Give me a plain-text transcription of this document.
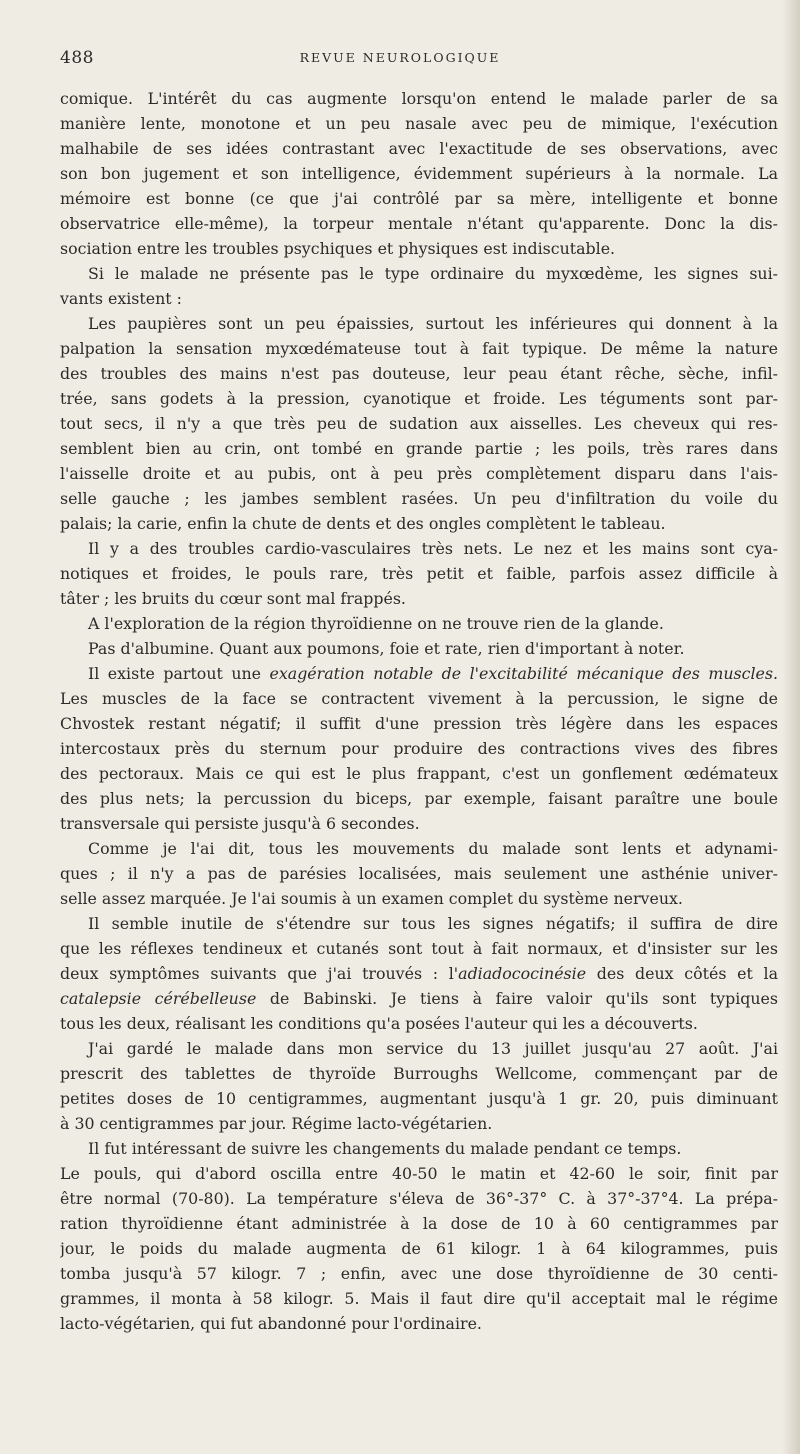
488	REVUE NEUROLOGIQUE
comique. L'intérêt du cas augmente lorsqu'on entend le malade parler de sa
manière lente, monotone et un peu nasale avec peu de mimique, l'exécution
malhabile de ses idées contrastant avec l'exactitude de ses observations, avec
son bon jugement et son intelligence, évidemment supérieurs à la normale. La
mémoire est bonne (ce que j'ai contrôlé par sa mère, intelligente et bonne
observatrice elle-même), la torpeur mentale n'étant qu'apparente. Donc la dis-
sociation entre les troubles psychiques et physiques est indiscutable.
Si le malade ne présente pas le type ordinaire du myxœdème, les signes sui-
vants existent :
Les paupières sont un peu épaissies, surtout les inférieures qui donnent à la
palpation la sensation myxœdémateuse tout à fait typique. De même la nature
des troubles des mains n'est pas douteuse, leur peau étant rêche, sèche, infil-
trée, sans godets à la pression, cyanotique et froide. Les téguments sont par-
tout secs, il n'y a que très peu de sudation aux aisselles. Les cheveux qui res-
semblent bien au crin, ont tombé en grande partie ; les poils, très rares dans
l'aisselle droite et au pubis, ont à peu près complètement disparu dans l'ais-
selle gauche ; les jambes semblent rasées. Un peu d'infiltration du voile du
palais; la carie, enfin la chute de dents et des ongles complètent le tableau.
Il y a des troubles cardio-vasculaires très nets. Le nez et les mains sont cya-
notiques et froides, le pouls rare, très petit et faible, parfois assez difficile à
tâter ; les bruits du cœur sont mal frappés.
A l'exploration de la région thyroïdienne on ne trouve rien de la glande.
Pas d'albumine. Quant aux poumons, foie et rate, rien d'important à noter.
Il existe partout une exagération notable de l'excitabilité mécanique des muscles.
Les muscles de la face se contractent vivement à la percussion, le signe de
Chvostek restant négatif; il suffit d'une pression très légère dans les espaces
intercostaux près du sternum pour produire des contractions vives des fibres
des pectoraux. Mais ce qui est le plus frappant, c'est un gonflement œdémateux
des plus nets; la percussion du biceps, par exemple, faisant paraître une boule
transversale qui persiste jusqu'à 6 secondes.
Comme je l'ai dit, tous les mouvements du malade sont lents et adynami-
ques ; il n'y a pas de parésies localisées, mais seulement une asthénie univer-
selle assez marquée. Je l'ai soumis à un examen complet du système nerveux.
Il semble inutile de s'étendre sur tous les signes négatifs; il suffira de dire
que les réflexes tendineux et cutanés sont tout à fait normaux, et d'insister sur les
deux symptômes suivants que j'ai trouvés : l'adiadococinésie des deux côtés et la
catalepsie cérébelleuse de Babinski. Je tiens à faire valoir qu'ils sont typiques
tous les deux, réalisant les conditions qu'a posées l'auteur qui les a découverts.
J'ai gardé le malade dans mon service du 13 juillet jusqu'au 27 août. J'ai
prescrit des tablettes de thyroïde Burroughs Wellcome, commençant par de
petites doses de 10 centigrammes, augmentant jusqu'à 1 gr. 20, puis diminuant
à 30 centigrammes par jour. Régime lacto-végétarien.
Il fut intéressant de suivre les changements du malade pendant ce temps.
Le pouls, qui d'abord oscilla entre 40-50 le matin et 42-60 le soir, finit par
être normal (70-80). La température s'éleva de 36°-37° C. à 37°-37°4. La prépa-
ration thyroïdienne étant administrée à la dose de 10 à 60 centigrammes par
jour, le poids du malade augmenta de 61 kilogr. 1 à 64 kilogrammes, puis
tomba jusqu'à 57 kilogr. 7 ; enfin, avec une dose thyroïdienne de 30 centi-
grammes, il monta à 58 kilogr. 5. Mais il faut dire qu'il acceptait mal le régime
lacto-végétarien, qui fut abandonné pour l'ordinaire.
